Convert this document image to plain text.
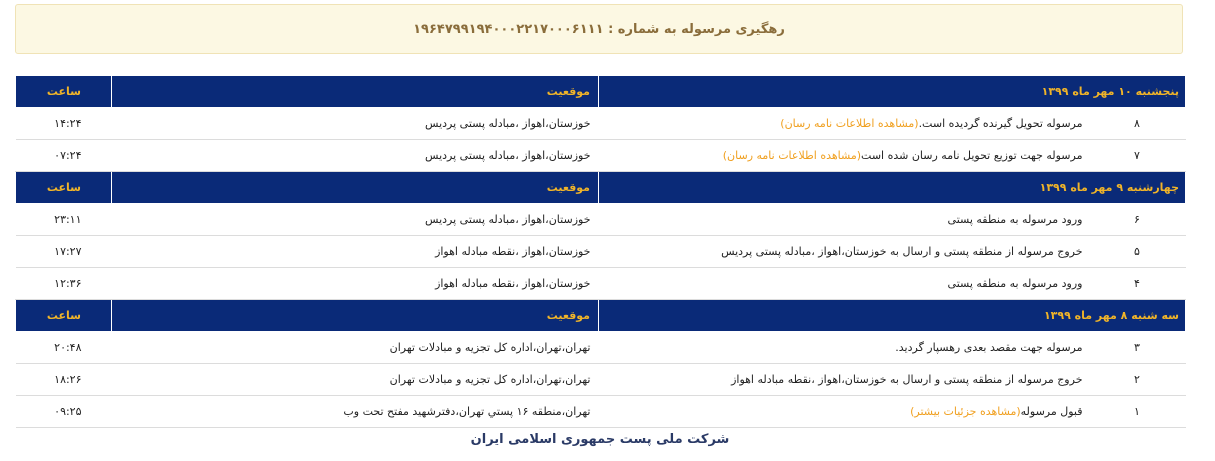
رهگیری مرسوله به شماره : ۱۹۶۴۷۹۹۱۹۴۰۰۰۲۲۱۷۰۰۰۶۱۱۱
پنجشنبه ۱۰ مهر ماه ۱۳۹۹		موقعیت	ساعت
۸	مرسوله تحویل گیرنده گردیده است.(مشاهده اطلاعات نامه رسان)	خوزستان،اهواز ،مبادله پستی پردیس	۱۴:۲۴
۷	مرسوله جهت توزیع تحویل نامه رسان شده است(مشاهده اطلاعات نامه رسان)	خوزستان،اهواز ،مبادله پستی پردیس	۰۷:۲۴
چهارشنبه ۹ مهر ماه ۱۳۹۹		موقعیت	ساعت
۶	ورود مرسوله به منطقه پستی	خوزستان،اهواز ،مبادله پستی پردیس	۲۳:۱۱
۵	خروج مرسوله از منطقه پستی و ارسال به خوزستان،اهواز ،مبادله پستی پردیس	خوزستان،اهواز ،نقطه مبادله اهواز	۱۷:۲۷
۴	ورود مرسوله به منطقه پستی	خوزستان،اهواز ،نقطه مبادله اهواز	۱۲:۳۶
سه شنبه ۸ مهر ماه ۱۳۹۹		موقعیت	ساعت
۳	مرسوله جهت مقصد بعدی رهسپار گردید.	تهران،تهران،اداره کل تجزیه و مبادلات تهران	۲۰:۴۸
۲	خروج مرسوله از منطقه پستی و ارسال به خوزستان،اهواز ،نقطه مبادله اهواز	تهران،تهران،اداره کل تجزیه و مبادلات تهران	۱۸:۲۶
۱	قبول مرسوله(مشاهده جزئیات بیشتر)	تهران،منطقه ۱۶ پستي تهران،دفترشهید مفتح تحت وب	۰۹:۲۵
شرکت ملی پست جمهوری اسلامی ایران
